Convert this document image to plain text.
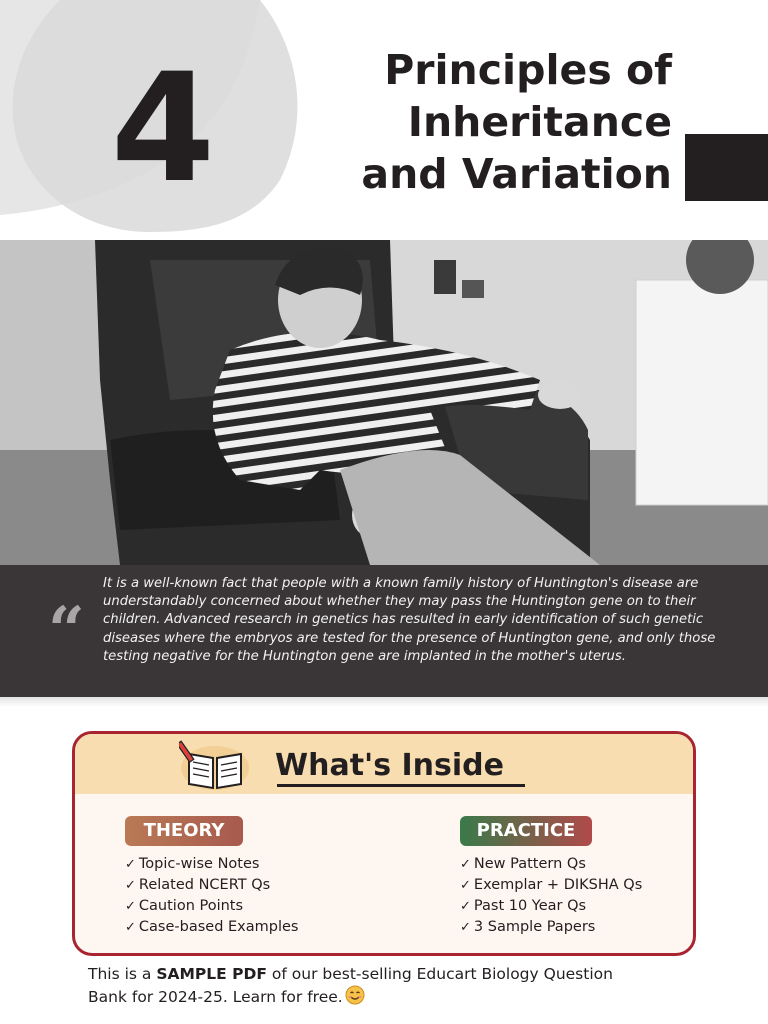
4	Principles of
Inheritance
and Variation
“
It is a well-known fact that people with a known family history of Huntington's disease are understandably concerned about whether they may pass the Huntington gene on to their children. Advanced research in genetics has resulted in early identification of such genetic diseases where the embryos are tested for the presence of Huntington gene, and only those testing negative for the Huntington gene are implanted in the mother's uterus.
What's Inside
THEORY	PRACTICE
✓ Topic-wise Notes
✓ Related NCERT Qs
✓ Caution Points
✓ Case-based Examples
✓ New Pattern Qs
✓ Exemplar + DIKSHA Qs
✓ Past 10 Year Qs
✓ 3 Sample Papers
This is a SAMPLE PDF of our best-selling Educart Biology Question Bank for 2024-25. Learn for free.
